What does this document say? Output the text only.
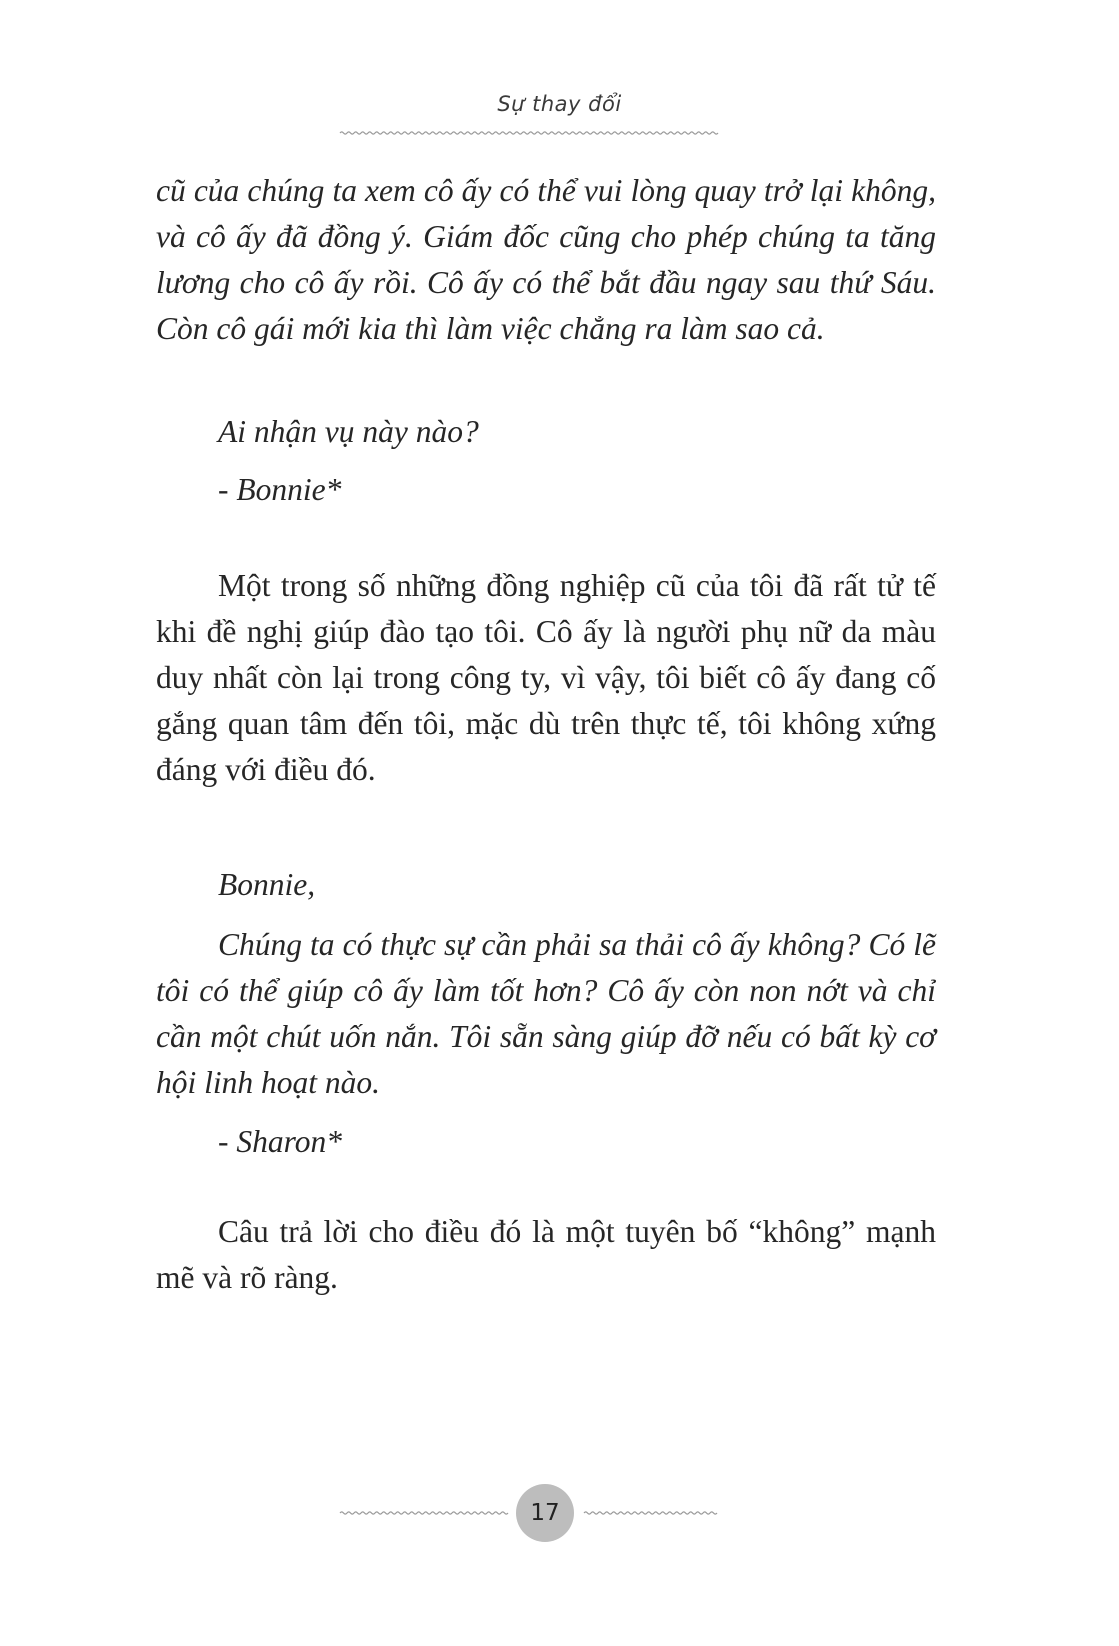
Sự thay đổi

cũ của chúng ta xem cô ấy có thể vui lòng quay trở lại không, và cô ấy đã đồng ý. Giám đốc cũng cho phép chúng ta tăng lương cho cô ấy rồi. Cô ấy có thể bắt đầu ngay sau thứ Sáu. Còn cô gái mới kia thì làm việc chẳng ra làm sao cả.

Ai nhận vụ này nào?

- Bonnie*

Một trong số những đồng nghiệp cũ của tôi đã rất tử tế khi đề nghị giúp đào tạo tôi. Cô ấy là người phụ nữ da màu duy nhất còn lại trong công ty, vì vậy, tôi biết cô ấy đang cố gắng quan tâm đến tôi, mặc dù trên thực tế, tôi không xứng đáng với điều đó.

Bonnie,

Chúng ta có thực sự cần phải sa thải cô ấy không? Có lẽ tôi có thể giúp cô ấy làm tốt hơn? Cô ấy còn non nớt và chỉ cần một chút uốn nắn. Tôi sẵn sàng giúp đỡ nếu có bất kỳ cơ hội linh hoạt nào.

- Sharon*

Câu trả lời cho điều đó là một tuyên bố “không” mạnh mẽ và rõ ràng.

17
